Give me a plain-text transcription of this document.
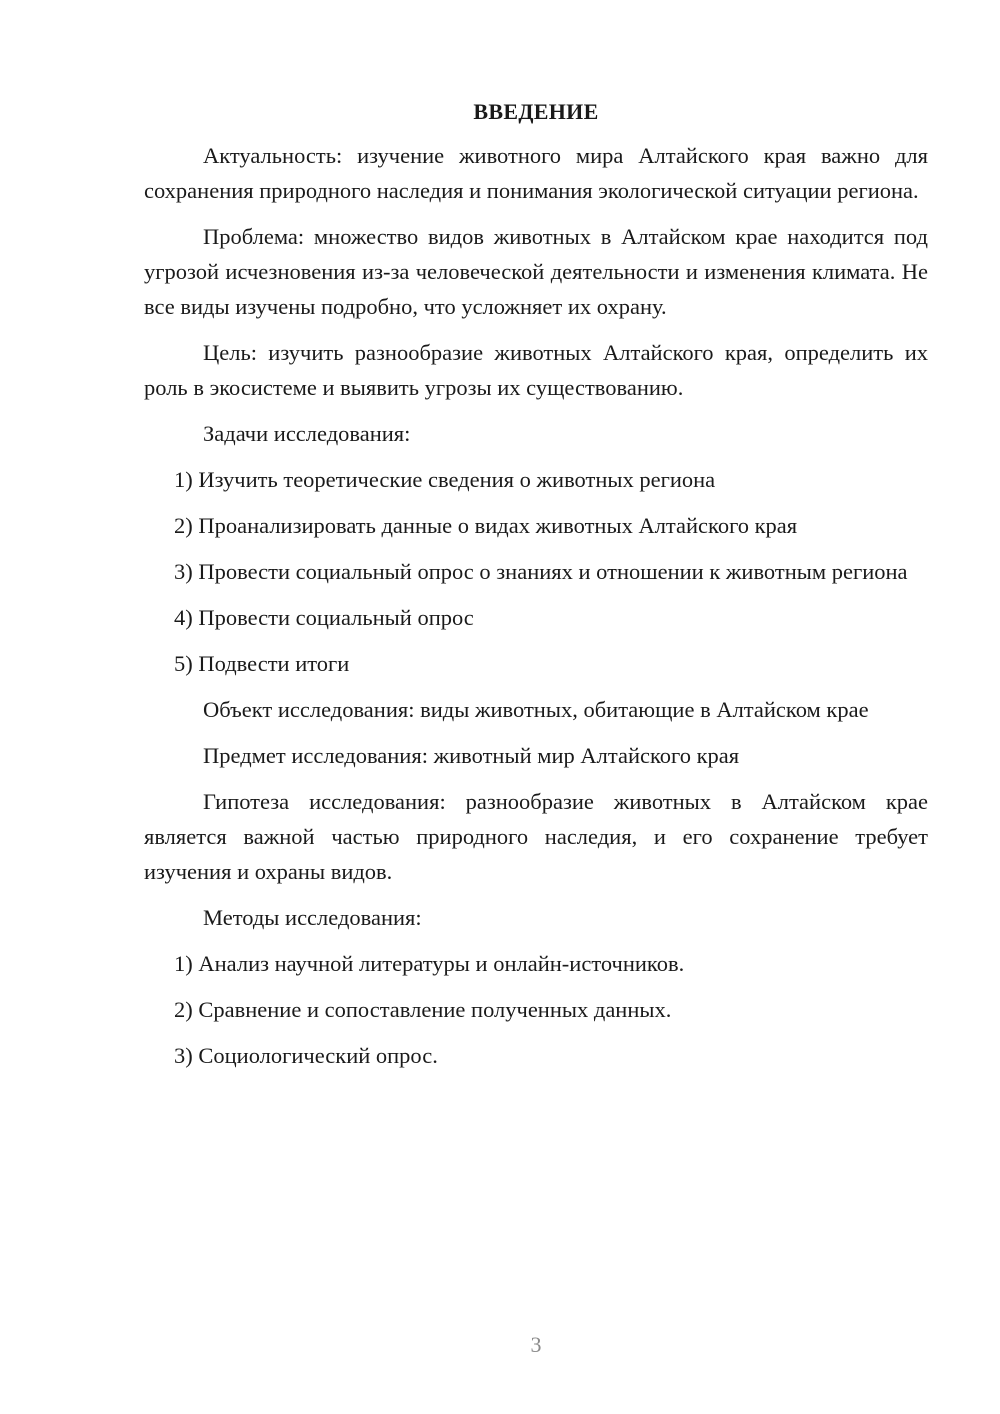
ВВЕДЕНИЕ

Актуальность: изучение животного мира Алтайского края важно для сохранения природного наследия и понимания экологической ситуации региона.

Проблема: множество видов животных в Алтайском крае находится под угрозой исчезновения из-за человеческой деятельности и изменения климата. Не все виды изучены подробно, что усложняет их охрану.

Цель: изучить разнообразие животных Алтайского края, определить их роль в экосистеме и выявить угрозы их существованию.

Задачи исследования:

1) Изучить теоретические сведения о животных региона

2) Проанализировать данные о видах животных Алтайского края

3) Провести социальный опрос о знаниях и отношении к животным региона

4) Провести социальный опрос

5) Подвести итоги

Объект исследования: виды животных, обитающие в Алтайском крае

Предмет исследования: животный мир Алтайского края

Гипотеза исследования: разнообразие животных в Алтайском крае является важной частью природного наследия, и его сохранение требует изучения и охраны видов.

Методы исследования:

1) Анализ научной литературы и онлайн-источников.

2) Сравнение и сопоставление полученных данных.

3) Социологический опрос.

3
